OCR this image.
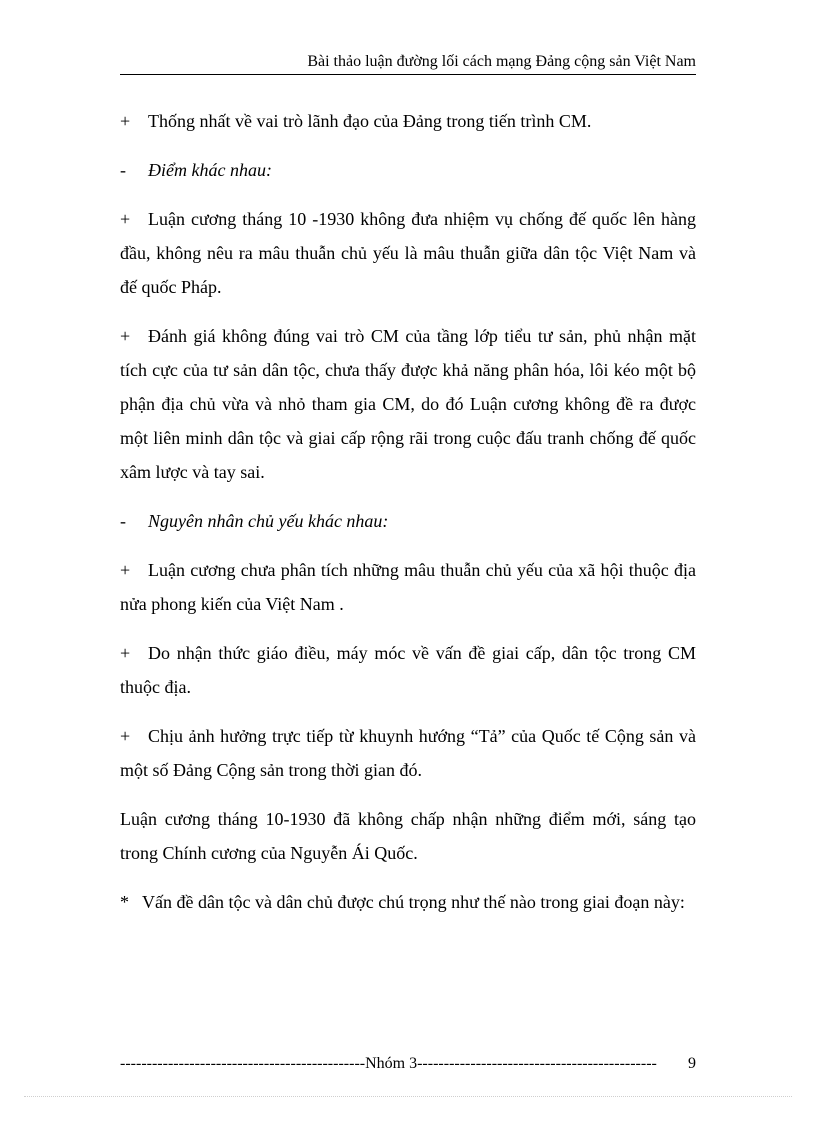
Bài thảo luận đường lối cách mạng Đảng cộng sản Việt Nam

+ Thống nhất về vai trò lãnh đạo của Đảng trong tiến trình CM.

- Điểm khác nhau:

+ Luận cương tháng 10 -1930 không đưa nhiệm vụ chống đế quốc lên hàng đầu, không nêu ra mâu thuẫn chủ yếu là mâu thuẫn giữa dân tộc Việt Nam và đế quốc Pháp.

+ Đánh giá không đúng vai trò CM của tầng lớp tiểu tư sản, phủ nhận mặt tích cực của tư sản dân tộc, chưa thấy được khả năng phân hóa, lôi kéo một bộ phận địa chủ vừa và nhỏ tham gia CM, do đó Luận cương không đề ra được một liên minh dân tộc và giai cấp rộng rãi trong cuộc đấu tranh chống đế quốc xâm lược và tay sai.

- Nguyên nhân chủ yếu khác nhau:

+ Luận cương chưa phân tích những mâu thuẫn chủ yếu của xã hội thuộc địa nửa phong kiến của Việt Nam .

+ Do nhận thức giáo điều, máy móc về vấn đề giai cấp, dân tộc trong CM thuộc địa.

+ Chịu ảnh hưởng trực tiếp từ khuynh hướng “Tả” của Quốc tế Cộng sản và một số Đảng Cộng sản trong thời gian đó.

Luận cương tháng 10-1930 đã không chấp nhận những điểm mới, sáng tạo trong Chính cương của Nguyễn Ái Quốc.

* Vấn đề dân tộc và dân chủ được chú trọng như thế nào trong giai đoạn này:

----------------------------------------------Nhóm 3--------------------------------------------- 9
